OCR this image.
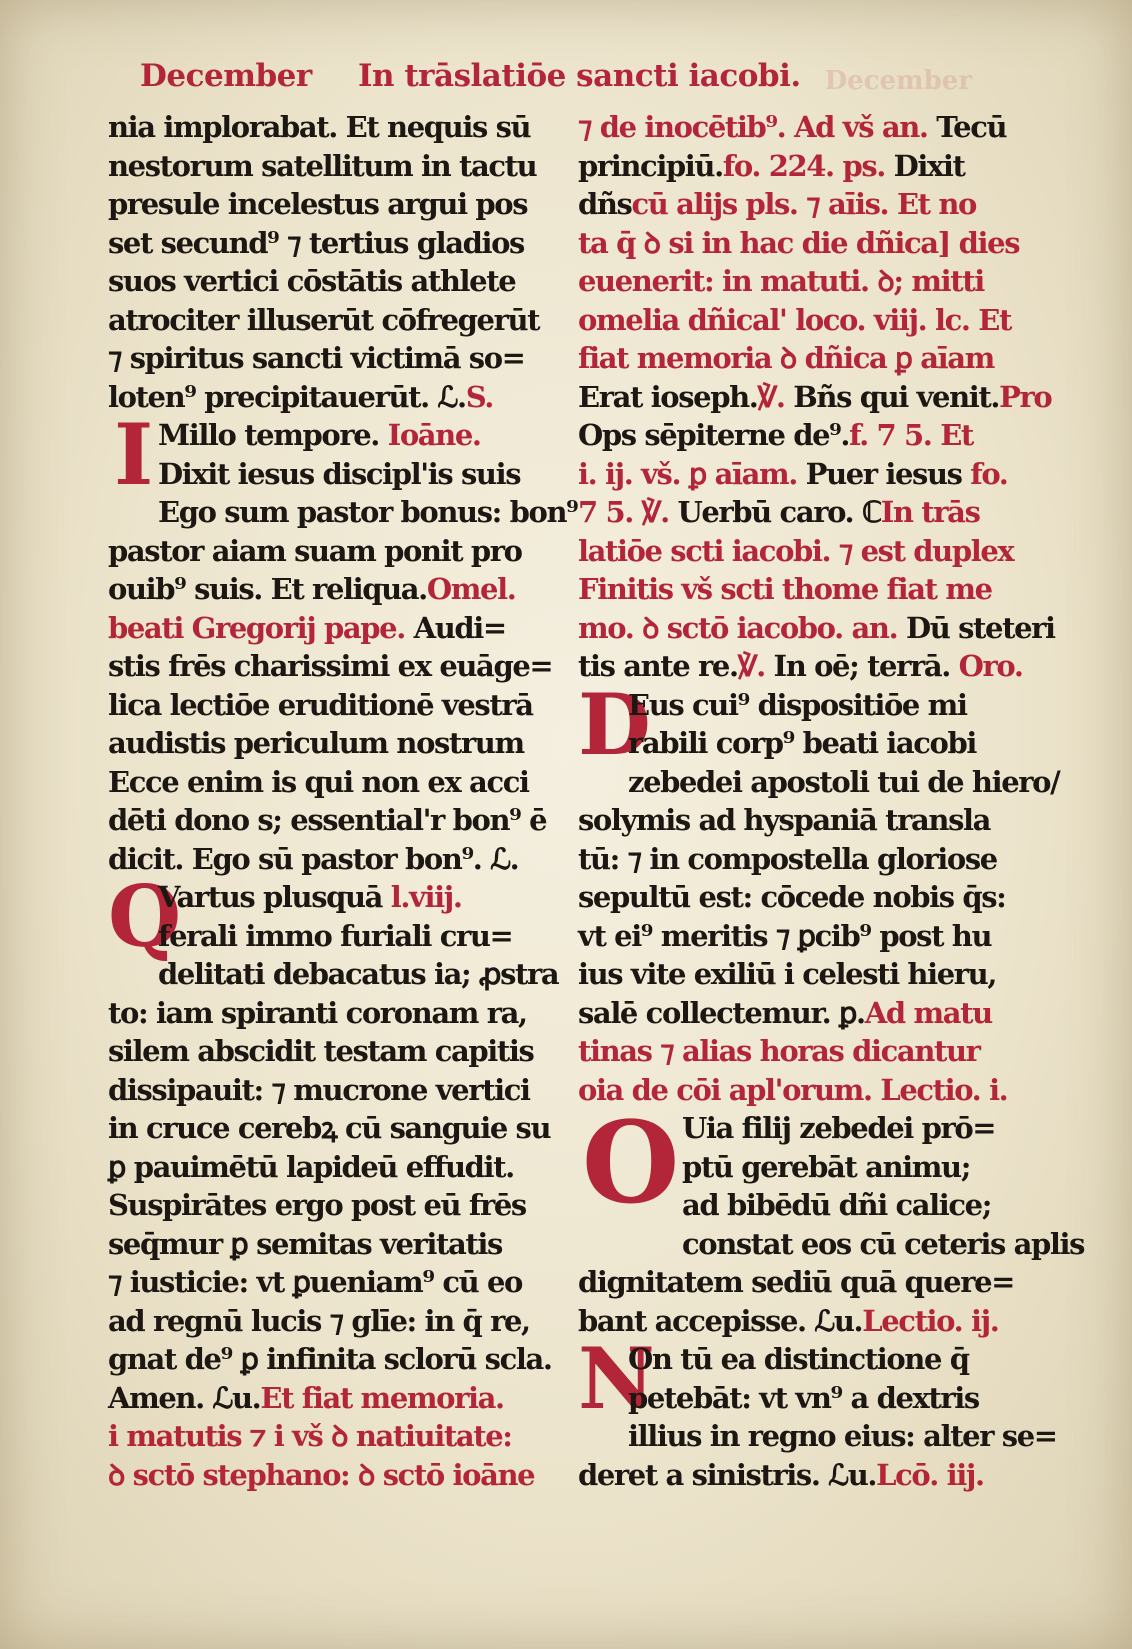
December
December In trāslatiōe sancti iacobi.
nia implorabat. Et nequis sū
nestorum satellitum in tactu
presule incelestus argui pos
set secund⁹ ⁊ tertius gladios
suos vertici cōstātis athlete
atrociter illuserūt cōfregerūt
⁊ spiritus sancti victimā so=
loten⁹ precipitauerūt. ℒ.S.
I Millo tempore. Ioāne.
Dixit iesus discipl'is suis
Ego sum pastor bonus: bon⁹
pastor aiam suam ponit pro
ouib⁹ suis. Et reliqua.Omel.
beati Gregorij pape. Audi=
stis frēs charissimi ex euāge=
lica lectiōe eruditionē vestrā
audistis periculum nostrum
Ecce enim is qui non ex acci
dēti dono s; essential'r bon⁹ ē
dicit. Ego sū pastor bon⁹. ℒ.
Q
Vartus plusquā l.viij.
ferali immo furiali cru=
delitati debacatus ia; ꝓstra
to: iam spiranti coronam ra,
silem abscidit testam capitis
dissipauit: ⁊ mucrone vertici
in cruce cerebꝝ cū sanguie su
ꝑ pauimētū lapideū effudit.
Suspirātes ergo post eū frēs
seq̄mur ꝑ semitas veritatis
⁊ iusticie: vt ꝑueniam⁹ cū eo
ad regnū lucis ⁊ glīe: in q̄ re,
gnat de⁹ ꝑ infinita sclorū scla.
Amen. ℒu.Et fiat memoria.
i matutis ⁊ i vš ꝺ natiuitate:
ꝺ sctō stephano: ꝺ sctō ioāne
⁊ de inocētib⁹. Ad vš an. Tecū
principiū.fo. 224. ps. Dixit
dñscū alijs pls. ⁊ aīis. Et no
ta q̄ ꝺ si in hac die dñica] dies
euenerit: in matuti. ꝺ; mitti
omelia dñical' loco. viij. lc. Et
fiat memoria ꝺ dñica ꝑ aīam
Erat ioseph.℣. Bñs qui venit.Pro
Ops sēpiterne de⁹.f. 7 5. Et
i. ij. vš. ꝑ aīam. Puer iesus fo.
7 5. ℣. Uerbū caro. ℂIn trās
latiōe scti iacobi. ⁊ est duplex
Finitis vš scti thome fiat me
mo. ꝺ sctō iacobo. an. Dū steteri
tis ante re.℣. In oē; terrā. Oro.
D
Eus cui⁹ dispositiōe mi
rabili corp⁹ beati iacobi
zebedei apostoli tui de hiero/
solymis ad hyspaniā transla
tū: ⁊ in compostella gloriose
sepultū est: cōcede nobis q̄s:
vt ei⁹ meritis ⁊ ꝑcib⁹ post hu
ius vite exiliū i celesti hieru,
salē collectemur. ꝑ.Ad matu
tinas ⁊ alias horas dicantur
oia de cōi apl'orum. Lectio. i.
O Uia filij zebedei prō=
ptū gerebāt animu;
ad bibēdū dñi calice;
constat eos cū ceteris aplis
dignitatem sediū quā quere=
bant accepisse. ℒu.Lectio. ij.
N
On tū ea distinctione q̄
petebāt: vt vn⁹ a dextris
illius in regno eius: alter se=
deret a sinistris. ℒu.Lcō. iij.
